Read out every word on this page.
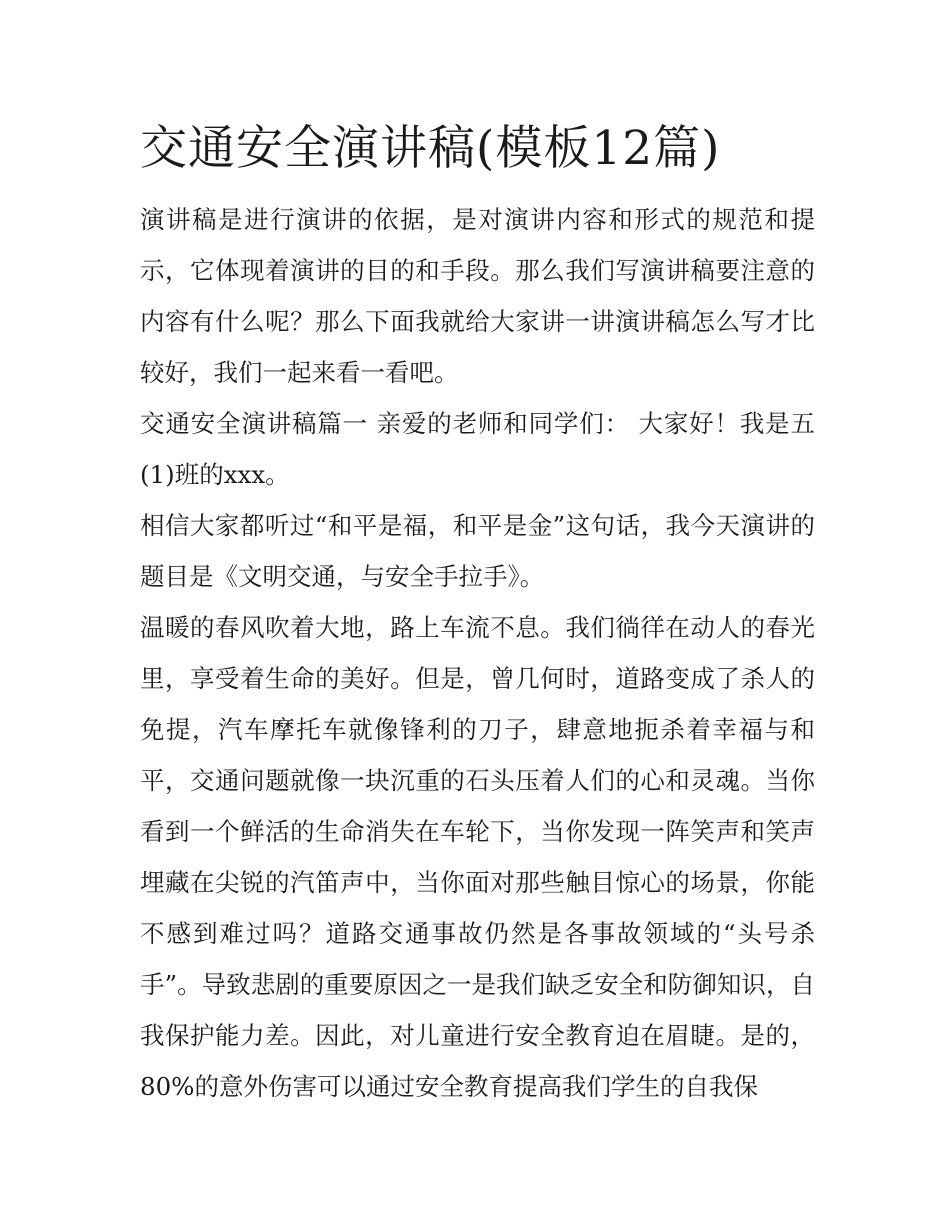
交通安全演讲稿(模板12篇)

演讲稿是进行演讲的依据，是对演讲内容和形式的规范和提示，它体现着演讲的目的和手段。那么我们写演讲稿要注意的内容有什么呢？那么下面我就给大家讲一讲演讲稿怎么写才比较好，我们一起来看一看吧。

交通安全演讲稿篇一 亲爱的老师和同学们： 大家好！我是五(1)班的xxx。

相信大家都听过“和平是福，和平是金”这句话，我今天演讲的题目是《文明交通，与安全手拉手》。

温暖的春风吹着大地，路上车流不息。我们徜徉在动人的春光里，享受着生命的美好。但是，曾几何时，道路变成了杀人的免提，汽车摩托车就像锋利的刀子，肆意地扼杀着幸福与和平，交通问题就像一块沉重的石头压着人们的心和灵魂。当你看到一个鲜活的生命消失在车轮下，当你发现一阵笑声和笑声埋藏在尖锐的汽笛声中，当你面对那些触目惊心的场景，你能不感到难过吗？道路交通事故仍然是各事故领域的“头号杀手”。导致悲剧的重要原因之一是我们缺乏安全和防御知识，自我保护能力差。因此，对儿童进行安全教育迫在眉睫。是的，80%的意外伤害可以通过安全教育提高我们学生的自我保
